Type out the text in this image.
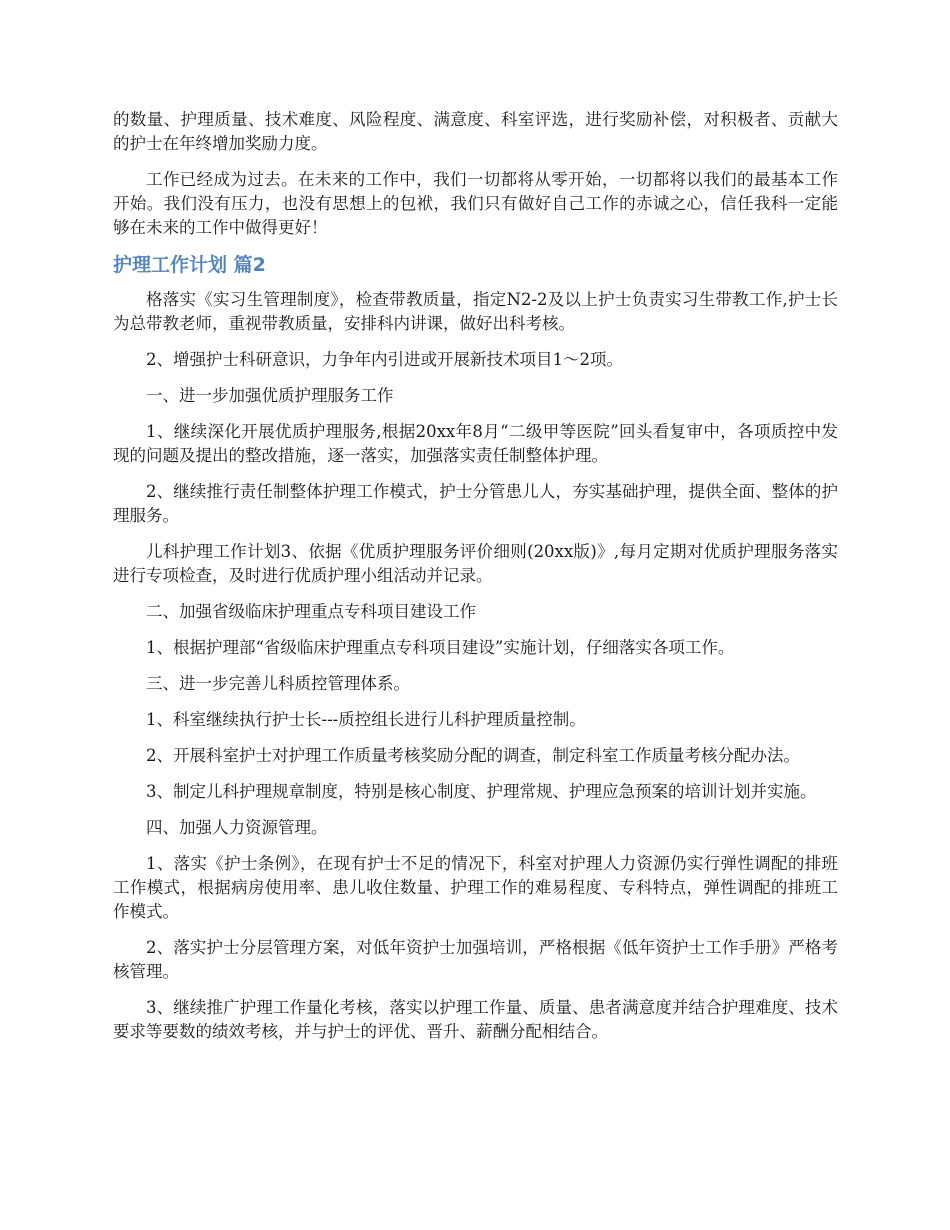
的数量、护理质量、技术难度、风险程度、满意度、科室评选，进行奖励补偿，对积极者、贡献大的护士在年终增加奖励力度。

工作已经成为过去。在未来的工作中，我们一切都将从零开始，一切都将以我们的最基本工作开始。我们没有压力，也没有思想上的包袱，我们只有做好自己工作的赤诚之心，信任我科一定能够在未来的工作中做得更好！

护理工作计划 篇2

格落实《实习生管理制度》，检查带教质量，指定N2-2及以上护士负责实习生带教工作,护士长为总带教老师，重视带教质量，安排科内讲课，做好出科考核。

2、增强护士科研意识，力争年内引进或开展新技术项目1～2项。

一、进一步加强优质护理服务工作

1、继续深化开展优质护理服务,根据20xx年8月“二级甲等医院”回头看复审中，各项质控中发现的问题及提出的整改措施，逐一落实，加强落实责任制整体护理。

2、继续推行责任制整体护理工作模式，护士分管患儿人，夯实基础护理，提供全面、整体的护理服务。

儿科护理工作计划3、依据《优质护理服务评价细则(20xx版)》,每月定期对优质护理服务落实进行专项检查，及时进行优质护理小组活动并记录。

二、加强省级临床护理重点专科项目建设工作

1、根据护理部“省级临床护理重点专科项目建设”实施计划，仔细落实各项工作。

三、进一步完善儿科质控管理体系。

1、科室继续执行护士长---质控组长进行儿科护理质量控制。

2、开展科室护士对护理工作质量考核奖励分配的调查，制定科室工作质量考核分配办法。

3、制定儿科护理规章制度，特别是核心制度、护理常规、护理应急预案的培训计划并实施。

四、加强人力资源管理。

1、落实《护士条例》，在现有护士不足的情况下，科室对护理人力资源仍实行弹性调配的排班工作模式，根据病房使用率、患儿收住数量、护理工作的难易程度、专科特点，弹性调配的排班工作模式。

2、落实护士分层管理方案，对低年资护士加强培训，严格根据《低年资护士工作手册》严格考核管理。

3、继续推广护理工作量化考核，落实以护理工作量、质量、患者满意度并结合护理难度、技术要求等要数的绩效考核，并与护士的评优、晋升、薪酬分配相结合。
